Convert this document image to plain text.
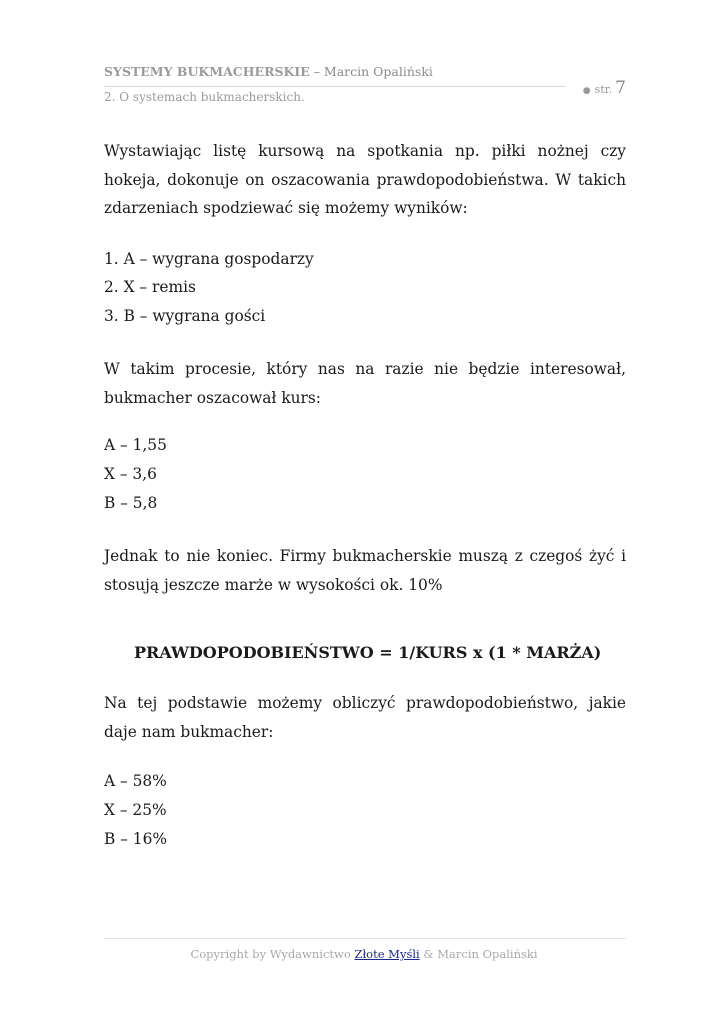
SYSTEMY BUKMACHERSKIE – Marcin Opaliński
2. O systemach bukmacherskich.	● str. 7

Wystawiając listę kursową na spotkania np. piłki nożnej czy hokeja, dokonuje on oszacowania prawdopodobieństwa. W takich zdarzeniach spodziewać się możemy wyników:

1. A – wygrana gospodarzy
2. X – remis
3. B – wygrana gości

W takim procesie, który nas na razie nie będzie interesował, bukmacher oszacował kurs:

A – 1,55
X – 3,6
B – 5,8

Jednak to nie koniec. Firmy bukmacherskie muszą z czegoś żyć i stosują jeszcze marże w wysokości ok. 10%

PRAWDOPODOBIEŃSTWO = 1/KURS x (1 * MARŻA)

Na tej podstawie możemy obliczyć prawdopodobieństwo, jakie daje nam bukmacher:

A – 58%
X – 25%
B – 16%
Copyright by Wydawnictwo Złote Myśli & Marcin Opaliński
